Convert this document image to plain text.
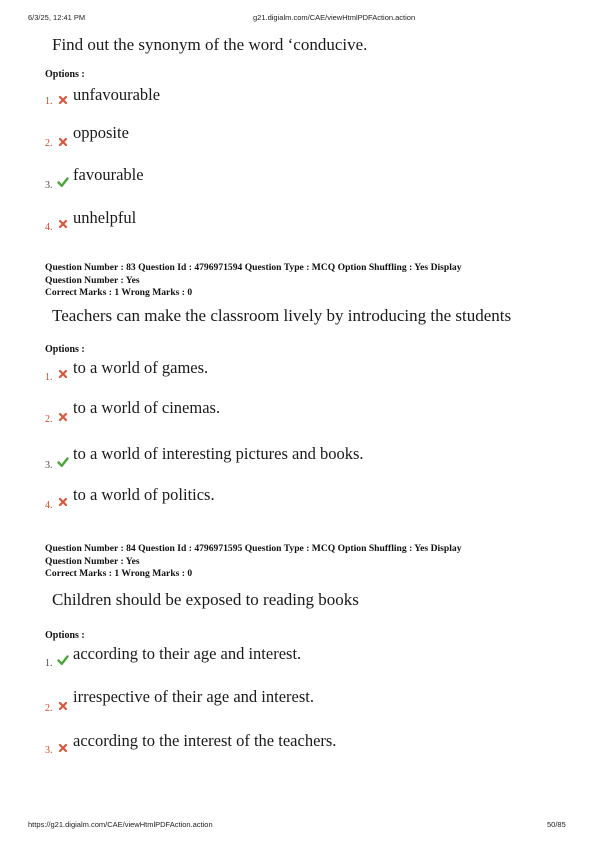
6/3/25, 12:41 PM	g21.digialm.com/CAE/viewHtmlPDFAction.action
Find out the synonym of the word ‘conducive.
Options :
1. unfavourable
2.
opposite
3.
favourable
4.
unhelpful
Question Number : 83 Question Id : 4796971594 Question Type : MCQ Option Shuffling : Yes Display
Question Number : Yes
Correct Marks : 1 Wrong Marks : 0
Teachers can make the classroom lively by introducing the students
Options :
1.
to a world of games.
2.
to a world of cinemas.
3.
to a world of interesting pictures and books.
4.
to a world of politics.
Question Number : 84 Question Id : 4796971595 Question Type : MCQ Option Shuffling : Yes Display
Question Number : Yes
Correct Marks : 1 Wrong Marks : 0
Children should be exposed to reading books
Options :
1.
according to their age and interest.
2.
irrespective of their age and interest.
3.
according to the interest of the teachers.
https://g21.digialm.com/CAE/viewHtmlPDFAction.action	50/85
